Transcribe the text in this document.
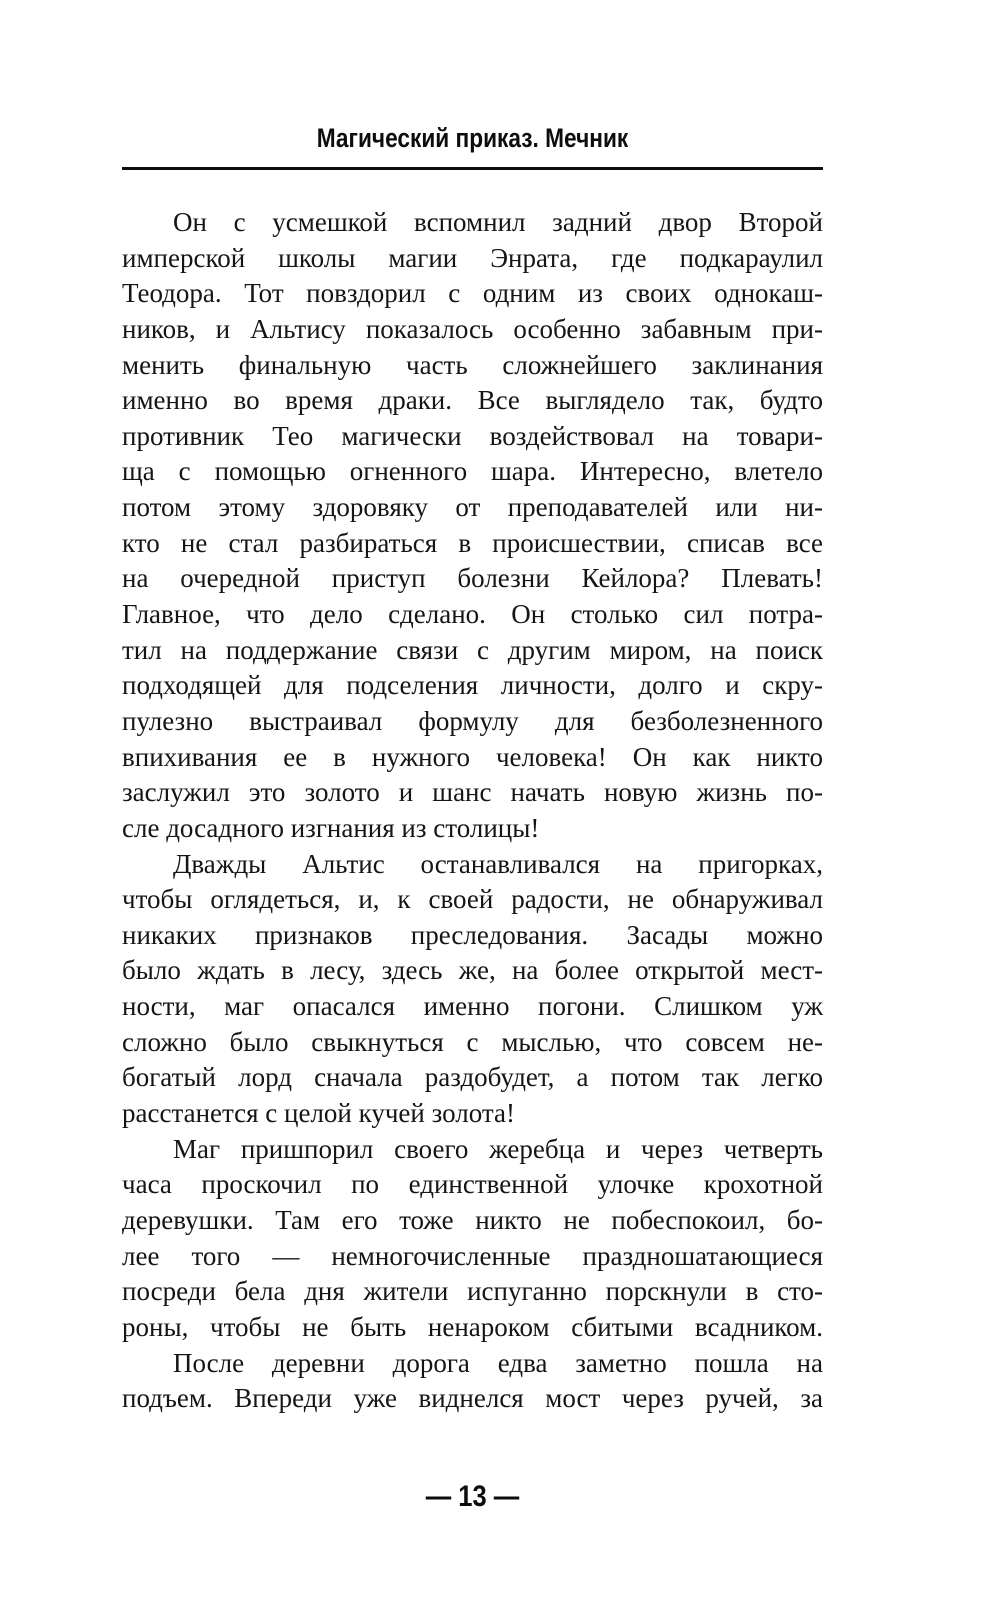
Магический приказ. Мечник
Он с усмешкой вспомнил задний двор Второй
имперской школы магии Энрата, где подкараулил
Теодора. Тот повздорил с одним из своих однокаш-
ников, и Альтису показалось особенно забавным при-
менить финальную часть сложнейшего заклинания
именно во время драки. Все выглядело так, будто
противник Тео магически воздействовал на товари-
ща с помощью огненного шара. Интересно, влетело
потом этому здоровяку от преподавателей или ни-
кто не стал разбираться в происшествии, списав все
на очередной приступ болезни Кейлора? Плевать!
Главное, что дело сделано. Он столько сил потра-
тил на поддержание связи с другим миром, на поиск
подходящей для подселения личности, долго и скру-
пулезно выстраивал формулу для безболезненного
впихивания ее в нужного человека! Он как никто
заслужил это золото и шанс начать новую жизнь по-
сле досадного изгнания из столицы!
Дважды Альтис останавливался на пригорках,
чтобы оглядеться, и, к своей радости, не обнаруживал
никаких признаков преследования. Засады можно
было ждать в лесу, здесь же, на более открытой мест-
ности, маг опасался именно погони. Слишком уж
сложно было свыкнуться с мыслью, что совсем не-
богатый лорд сначала раздобудет, а потом так легко
расстанется с целой кучей золота!
Маг пришпорил своего жеребца и через четверть
часа проскочил по единственной улочке крохотной
деревушки. Там его тоже никто не побеспокоил, бо-
лее того — немногочисленные праздношатающиеся
посреди бела дня жители испуганно порскнули в сто-
роны, чтобы не быть ненароком сбитыми всадником.
После деревни дорога едва заметно пошла на
подъем. Впереди уже виднелся мост через ручей, за
— 13 —
